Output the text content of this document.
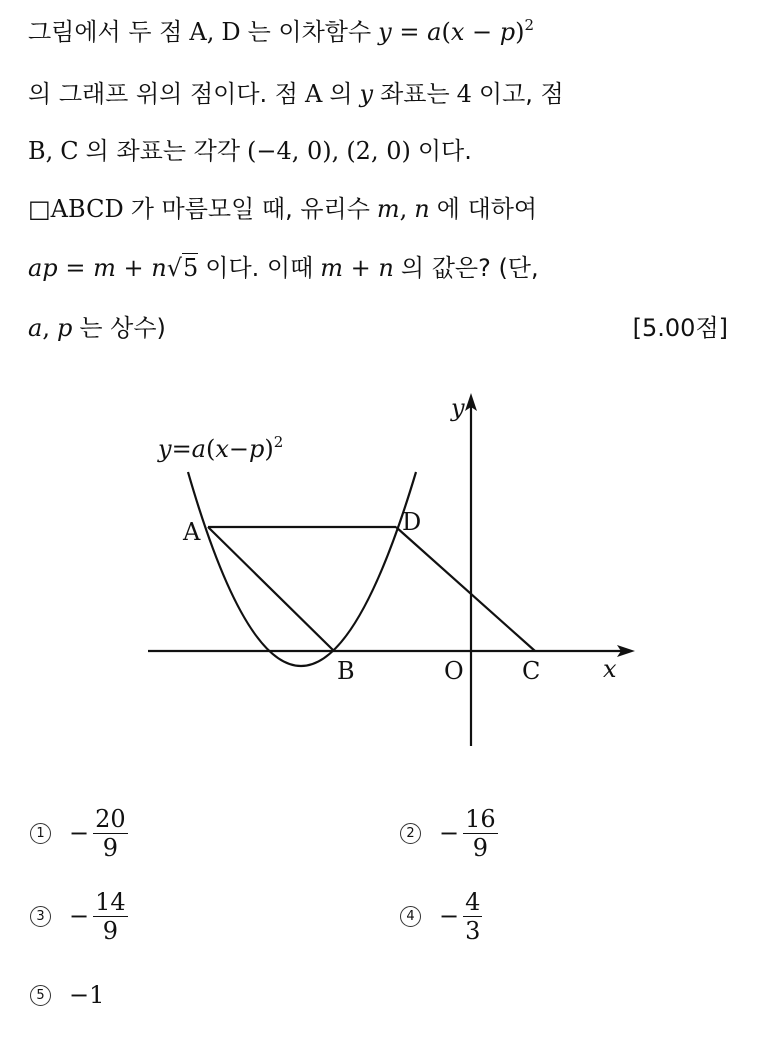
그림에서 두 점 A, D 는 이차함수 $y = a(x - p)^2$
의 그래프 위의 점이다. 점 A 의 y 좌표는 4 이고, 점
B, C 의 좌표는 각각 (−4, 0), (2, 0) 이다.
□ABCD 가 마름모일 때, 유리수 m, n 에 대하여
ap = m + n√5 이다. 이때 m + n 의 값은? (단,
a, p 는 상수)	[5.00점]
$y=a(x-p)^2$
y
x
A	D
B	O C
$1 - \frac{20}{9}$	$2 - \frac{16}{9}$
$3 - \frac{14}{9}$	$4 - \frac{4}{3}$
5 −1
